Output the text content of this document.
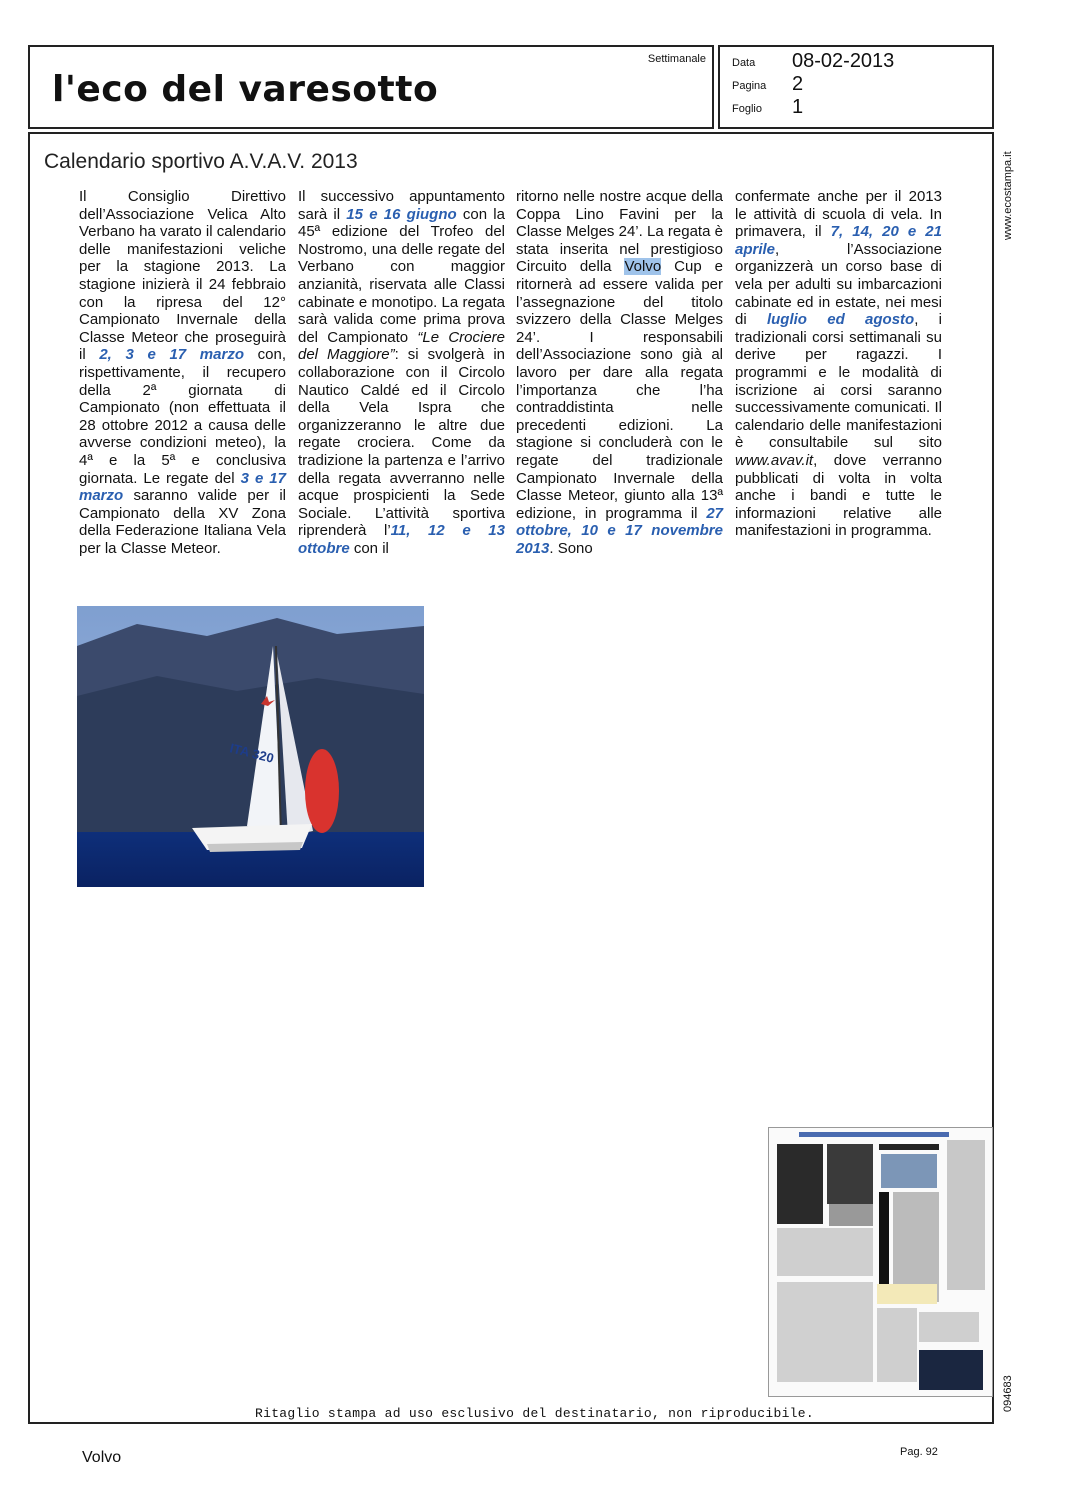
l'eco del varesotto
Settimanale Data 08-02-2013
Pagina 2
Foglio 1
Calendario sportivo A.V.A.V. 2013
Il Consiglio Direttivo dell’Associazione Velica Alto Verbano ha varato il calendario delle manifestazioni veliche per la stagione 2013. La stagione inizierà il 24 febbraio con la ripresa del 12° Campionato Invernale della Classe Meteor che proseguirà il 2, 3 e 17 marzo con, rispettivamente, il recupero della 2ª giornata di Campionato (non effettuata il 28 ottobre 2012 a causa delle avverse condizioni meteo), la 4ª e la 5ª e conclusiva giornata. Le regate del 3 e 17 marzo saranno valide per il Campionato della XV Zona della Federazione Italiana Vela per la Classe Meteor.
Il successivo appuntamento sarà il 15 e 16 giugno con la 45ª edizione del Trofeo del Nostromo, una delle regate del Verbano con maggior anzianità, riservata alle Classi cabinate e monotipo. La regata sarà valida come prima prova del Campionato “Le Crociere del Maggiore”: si svolgerà in collaborazione con il Circolo Nautico Caldé ed il Circolo della Vela Ispra che organizzeranno le altre due regate crociera. Come da tradizione la partenza e l’arrivo della regata avverranno nelle acque prospicienti la Sede Sociale. L’attività sportiva riprenderà l’11, 12 e 13 ottobre con il
ritorno nelle nostre acque della Coppa Lino Favini per la Classe Melges 24’. La regata è stata inserita nel prestigioso Circuito della Volvo Cup e ritornerà ad essere valida per l’assegnazione del titolo svizzero della Classe Melges 24’. I responsabili dell’Associazione sono già al lavoro per dare alla regata l’importanza che l’ha contraddistinta nelle precedenti edizioni. La stagione si concluderà con le regate del tradizionale Campionato Invernale della Classe Meteor, giunto alla 13ª edizione, in programma il 27 ottobre, 10 e 17 novembre 2013. Sono
confermate anche per il 2013 le attività di scuola di vela. In primavera, il 7, 14, 20 e 21 aprile, l’Associazione organizzerà un corso base di vela per adulti su imbarcazioni cabinate ed in estate, nei mesi di luglio ed agosto, i tradizionali corsi settimanali su derive per ragazzi. I programmi e le modalità di iscrizione ai corsi saranno successivamente comunicati. Il calendario delle manifestazioni è consultabile sul sito www.avav.it, dove verranno pubblicati di volta in volta anche i bandi e tutte le informazioni relative alle manifestazioni in programma.
ITA 320
www.ecostampa.it
094683
Ritaglio stampa ad uso esclusivo del destinatario, non riproducibile.
Volvo	Pag. 92
